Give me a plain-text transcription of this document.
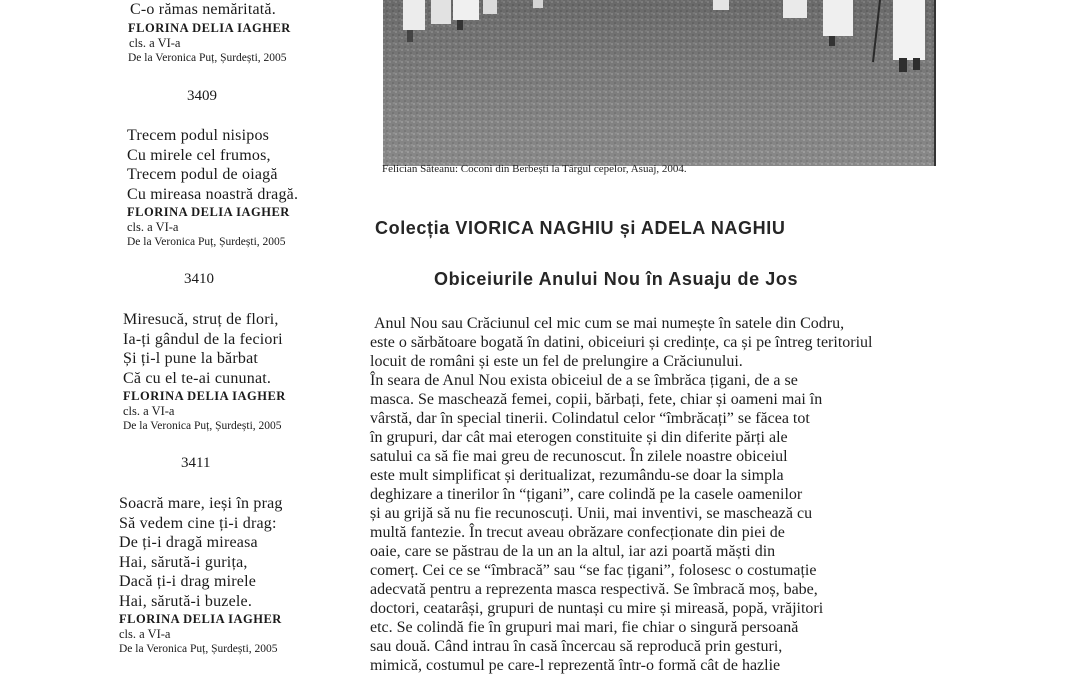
C-o rămas nemăritată.
FLORINA DELIA IAGHER
cls. a VI-a
De la Veronica Puț, Șurdești, 2005
3409
Trecem podul nisipos
Cu mirele cel frumos,
Trecem podul de oiagă
Cu mireasa noastră dragă.
FLORINA DELIA IAGHER
cls. a VI-a
De la Veronica Puț, Șurdești, 2005
3410
Miresucă, struț de flori,
Ia-ți gândul de la feciori
Și ți-l pune la bărbat
Că cu el te-ai cununat.
FLORINA DELIA IAGHER
cls. a VI-a
De la Veronica Puț, Șurdești, 2005
3411
Soacră mare, ieși în prag
Să vedem cine ți-i drag:
De ți-i dragă mireasa
Hai, sărută-i gurița,
Dacă ți-i drag mirele
Hai, sărută-i buzele.
FLORINA DELIA IAGHER
cls. a VI-a
De la Veronica Puț, Șurdești, 2005
Felician Săteanu: Coconi din Berbești la Târgul cepelor, Asuaj, 2004.
Colecția VIORICA NAGHIU și ADELA NAGHIU
Obiceiurile Anului Nou în Asuaju de Jos
Anul Nou sau Crăciunul cel mic cum se mai numește în satele din Codru,
este o sărbătoare bogată în datini, obiceiuri și credințe, ca și pe întreg teritoriul
locuit de români și este un fel de prelungire a Crăciunului.
În seara de Anul Nou exista obiceiul de a se îmbrăca țigani, de a se
masca. Se maschează femei, copii, bărbați, fete, chiar și oameni mai în
vârstă, dar în special tinerii. Colindatul celor “îmbrăcați” se făcea tot
în grupuri, dar cât mai eterogen constituite și din diferite părți ale
satului ca să fie mai greu de recunoscut. În zilele noastre obiceiul
este mult simplificat și deritualizat, rezumându-se doar la simpla
deghizare a tinerilor în “țigani”, care colindă pe la casele oamenilor
și au grijă să nu fie recunoscuți. Unii, mai inventivi, se maschează cu
multă fantezie. În trecut aveau obrăzare confecționate din piei de
oaie, care se păstrau de la un an la altul, iar azi poartă măști din
comerț. Cei ce se “îmbracă” sau “se fac țigani”, folosesc o costumație
adecvată pentru a reprezenta masca respectivă. Se îmbracă moș, babe,
doctori, ceatarâși, grupuri de nuntași cu mire și mireasă, popă, vrăjitori
etc. Se colindă fie în grupuri mai mari, fie chiar o singură persoană
sau două. Când intrau în casă încercau să reproducă prin gesturi,
mimică, costumul pe care-l reprezentă într-o formă cât de hazlie
